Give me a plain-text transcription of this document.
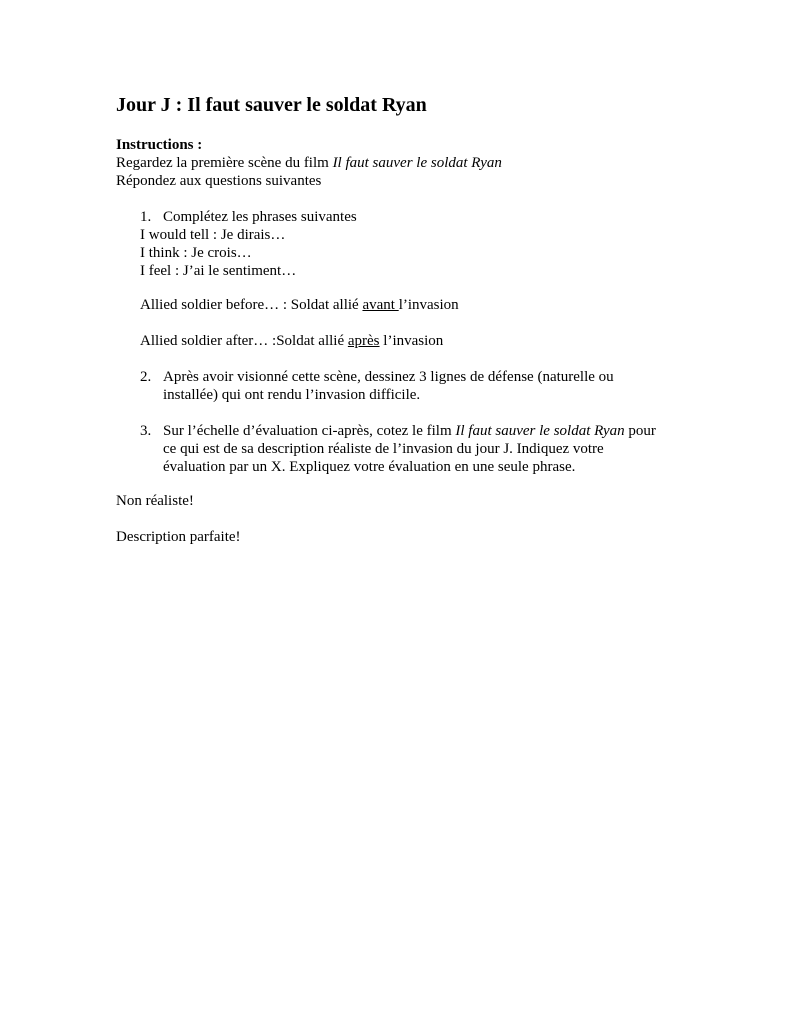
Jour J : Il faut sauver le soldat Ryan
Instructions :
Regardez la première scène du film Il faut sauver le soldat Ryan
Répondez aux questions suivantes
1. Complétez les phrases suivantes
I would tell : Je dirais…
I think : Je crois…
I feel : J’ai le sentiment…
Allied soldier before… : Soldat allié avant l’invasion
Allied soldier after… :Soldat allié après l’invasion
2. Après avoir visionné cette scène, dessinez 3 lignes de défense (naturelle ou
installée) qui ont rendu l’invasion difficile.
3. Sur l’échelle d’évaluation ci-après, cotez le film Il faut sauver le soldat Ryan pour
ce qui est de sa description réaliste de l’invasion du jour J. Indiquez votre
évaluation par un X. Expliquez votre évaluation en une seule phrase.
Non réaliste!
Description parfaite!
